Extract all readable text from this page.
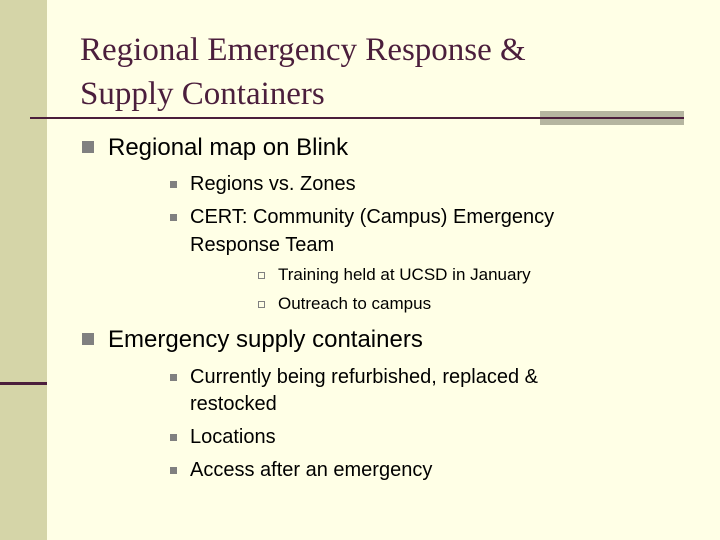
Regional Emergency Response &
Supply Containers
Regional map on Blink
Regions vs. Zones
CERT: Community (Campus) Emergency
Response Team
Training held at UCSD in January
Outreach to campus
Emergency supply containers
Currently being refurbished, replaced &
restocked
Locations
Access after an emergency
